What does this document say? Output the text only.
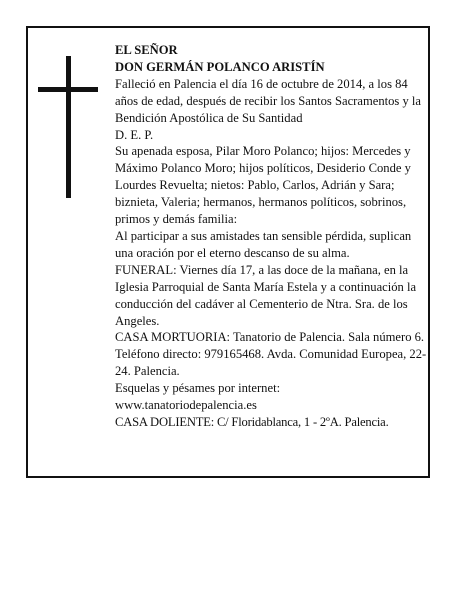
EL SEÑOR

DON GERMÁN POLANCO ARISTÍN

Falleció en Palencia el día 16 de octubre de 2014, a los 84 años de edad, después de recibir los Santos Sacramentos y la Bendición Apostólica de Su Santidad

D. E. P.

Su apenada esposa, Pilar Moro Polanco; hijos: Mercedes y Máximo Polanco Moro; hijos políticos, Desiderio Conde y Lourdes Revuelta; nietos: Pablo, Carlos, Adrián y Sara; biznieta, Valeria; hermanos, hermanos políticos, sobrinos, primos y demás familia:

Al participar a sus amistades tan sensible pérdida, suplican una oración por el eterno descanso de su alma.

FUNERAL: Viernes día 17, a las doce de la mañana, en la Iglesia Parroquial de Santa María Estela y a continuación la conducción del cadáver al Cementerio de Ntra. Sra. de los Angeles.

CASA MORTUORIA: Tanatorio de Palencia. Sala número 6. Teléfono directo: 979165468. Avda. Comunidad Europea, 22-24. Palencia.

Esquelas y pésames por internet:

www.tanatoriodepalencia.es

CASA DOLIENTE: C/ Floridablanca, 1 - 2ºA. Palencia.
